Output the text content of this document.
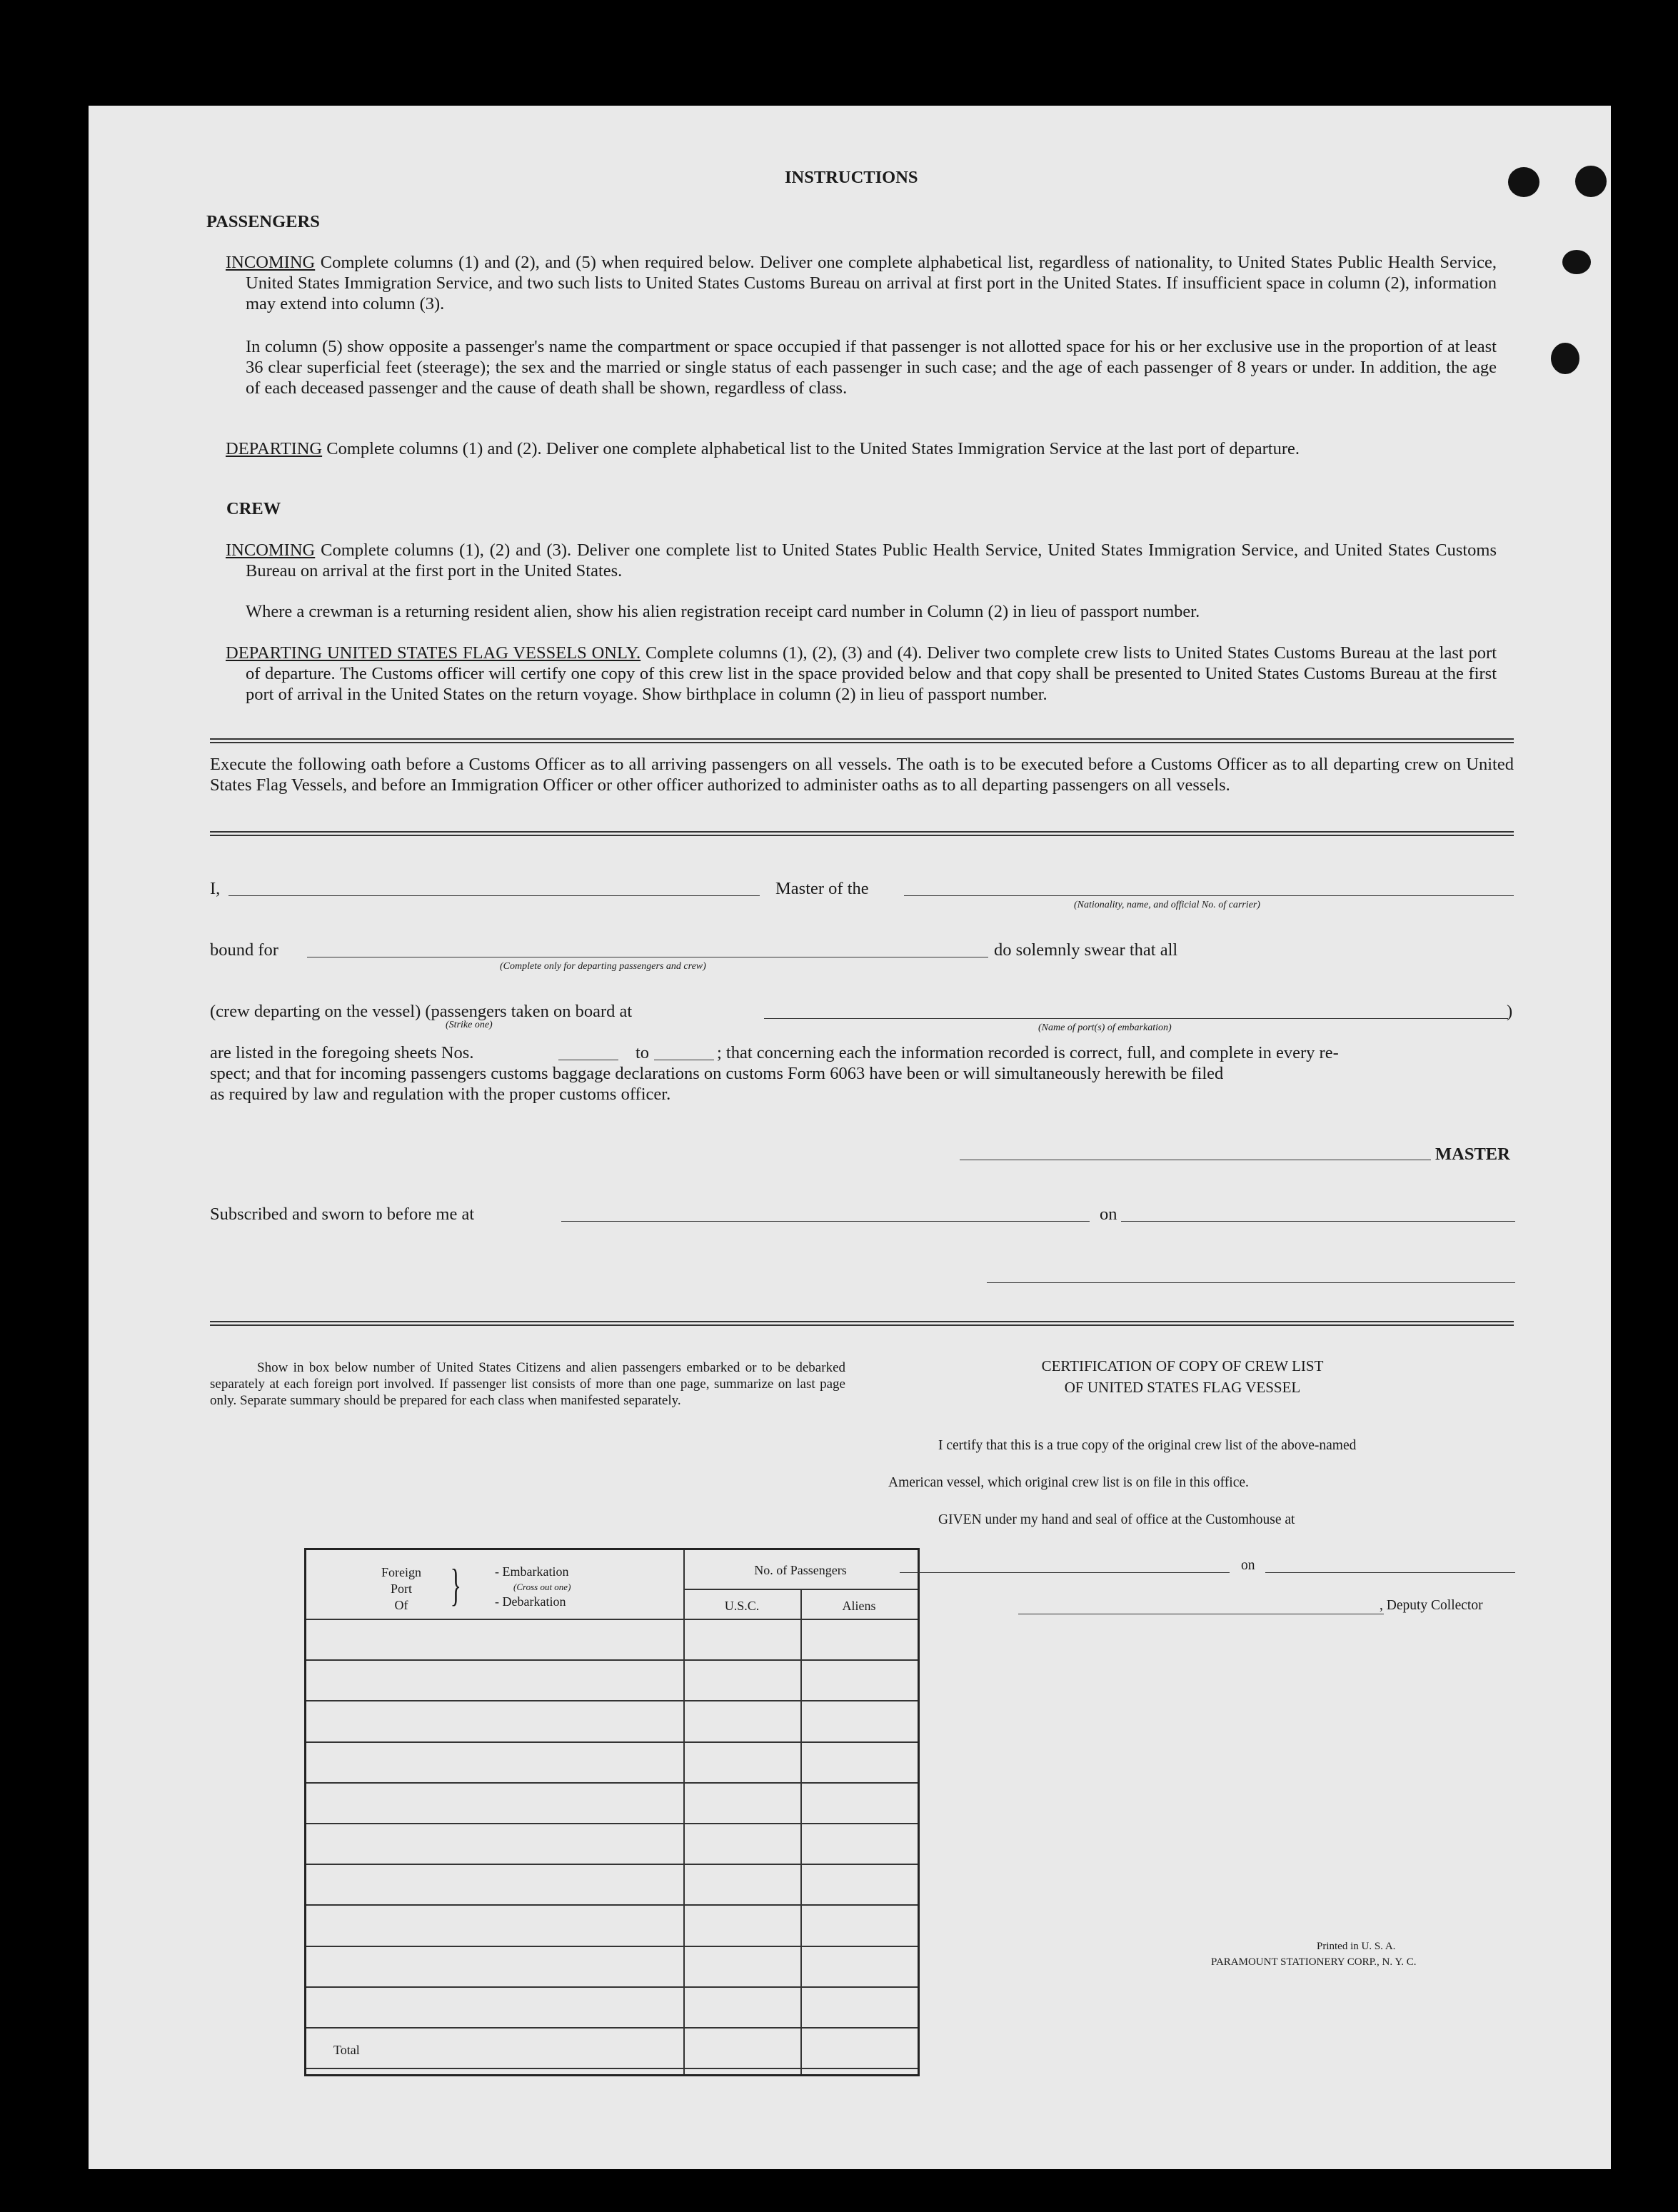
INSTRUCTIONS
PASSENGERS
INCOMING Complete columns (1) and (2), and (5) when required below. Deliver one complete alphabetical list, regardless of nationality, to United States Public Health Service, United States Immigration Service, and two such lists to United States Customs Bureau on arrival at first port in the United States. If insufficient space in column (2), information may extend into column (3).
In column (5) show opposite a passenger's name the compartment or space occupied if that passenger is not allotted space for his or her exclusive use in the proportion of at least 36 clear superficial feet (steerage); the sex and the married or single status of each passenger in such case; and the age of each passenger of 8 years or under. In addition, the age of each deceased passenger and the cause of death shall be shown, regardless of class.
DEPARTING Complete columns (1) and (2). Deliver one complete alphabetical list to the United States Immigration Service at the last port of departure.
CREW
INCOMING Complete columns (1), (2) and (3). Deliver one complete list to United States Public Health Service, United States Immigration Service, and United States Customs Bureau on arrival at the first port in the United States.
Where a crewman is a returning resident alien, show his alien registration receipt card number in Column (2) in lieu of passport number.
DEPARTING UNITED STATES FLAG VESSELS ONLY. Complete columns (1), (2), (3) and (4). Deliver two complete crew lists to United States Customs Bureau at the last port of departure. The Customs officer will certify one copy of this crew list in the space provided below and that copy shall be presented to United States Customs Bureau at the first port of arrival in the United States on the return voyage. Show birthplace in column (2) in lieu of passport number.
Execute the following oath before a Customs Officer as to all arriving passengers on all vessels. The oath is to be executed before a Customs Officer as to all departing crew on United States Flag Vessels, and before an Immigration Officer or other officer authorized to administer oaths as to all departing passengers on all vessels.
I,	Master of the
(Nationality, name, and official No. of carrier)
bound for
(Complete only for departing passengers and crew)
do solemnly swear that all
(crew departing on the vessel) (passengers taken on board at	)
(Strike one)	(Name of port(s) of embarkation)
are listed in the foregoing sheets Nos.	to	; that concerning each the information recorded is correct, full, and complete in every re-
spect; and that for incoming passengers customs baggage declarations on customs Form 6063 have been or will simultaneously herewith be filed
as required by law and regulation with the proper customs officer.
MASTER
Subscribed and sworn to before me at	on
Show in box below number of United States Citizens and alien passengers embarked or to be debarked separately at each foreign port involved. If passenger list consists of more than one page, summarize on last page only. Separate summary should be prepared for each class when manifested separately.
Foreign
Port
Of }	- Embarkation
(Cross out one)
- Debarkation
No. of Passengers
U.S.C.	Aliens
Total
CERTIFICATION OF COPY OF CREW LIST
OF UNITED STATES FLAG VESSEL
I certify that this is a true copy of the original crew list of the above-named
American vessel, which original crew list is on file in this office.
GIVEN under my hand and seal of office at the Customhouse at
on
, Deputy Collector
Printed in U. S. A.
PARAMOUNT STATIONERY CORP., N. Y. C.
